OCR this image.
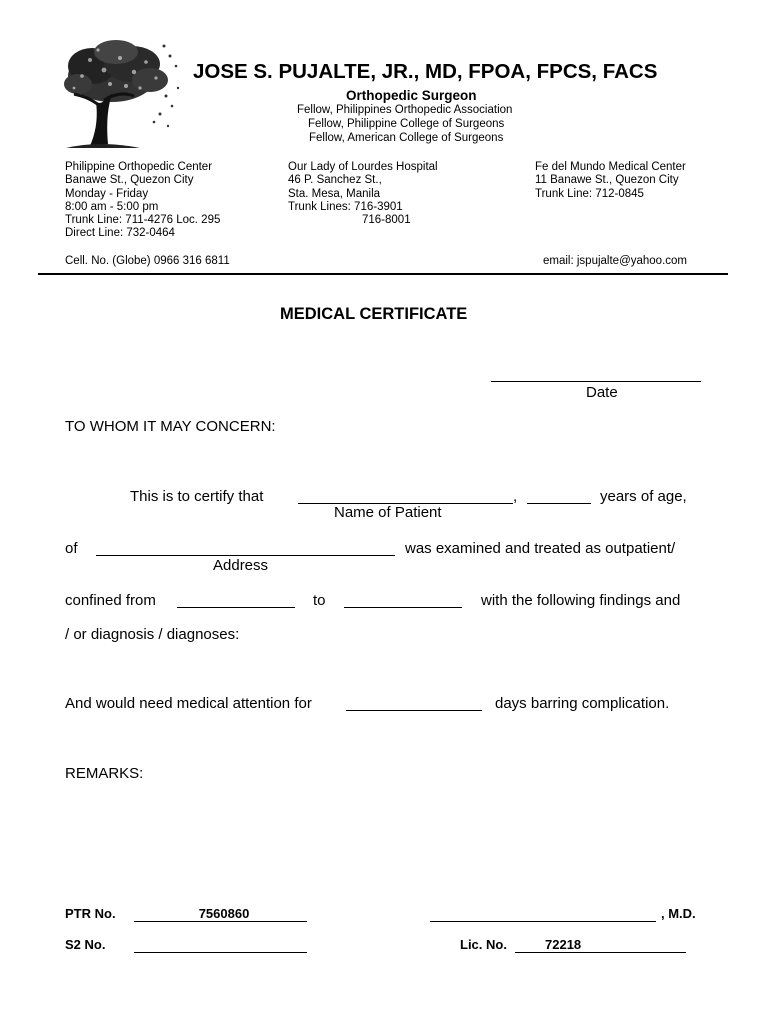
JOSE S. PUJALTE, JR., MD, FPOA, FPCS, FACS
Orthopedic Surgeon
Fellow, Philippines Orthopedic Association
Fellow, Philippine College of Surgeons
Fellow, American College of Surgeons
Philippine Orthopedic Center
Banawe St., Quezon City
Monday - Friday
8:00 am - 5:00 pm
Trunk Line: 711-4276 Loc. 295
Direct Line: 732-0464
Our Lady of Lourdes Hospital
46 P. Sanchez St.,
Sta. Mesa, Manila
Trunk Lines: 716-3901
716-8001
Fe del Mundo Medical Center
11 Banawe St., Quezon City
Trunk Line: 712-0845
Cell. No. (Globe) 0966 316 6811	email: jspujalte@yahoo.com
MEDICAL CERTIFICATE
Date
TO WHOM IT MAY CONCERN:
This is to certify that	,	years of age,
Name of Patient
of	was examined and treated as outpatient/
Address
confined from	to	with the following findings and
/ or diagnosis / diagnoses:
And would need medical attention for	days barring complication.
REMARKS:
PTR No.	7560860	, M.D.
S2 No.	Lic. No.	72218
